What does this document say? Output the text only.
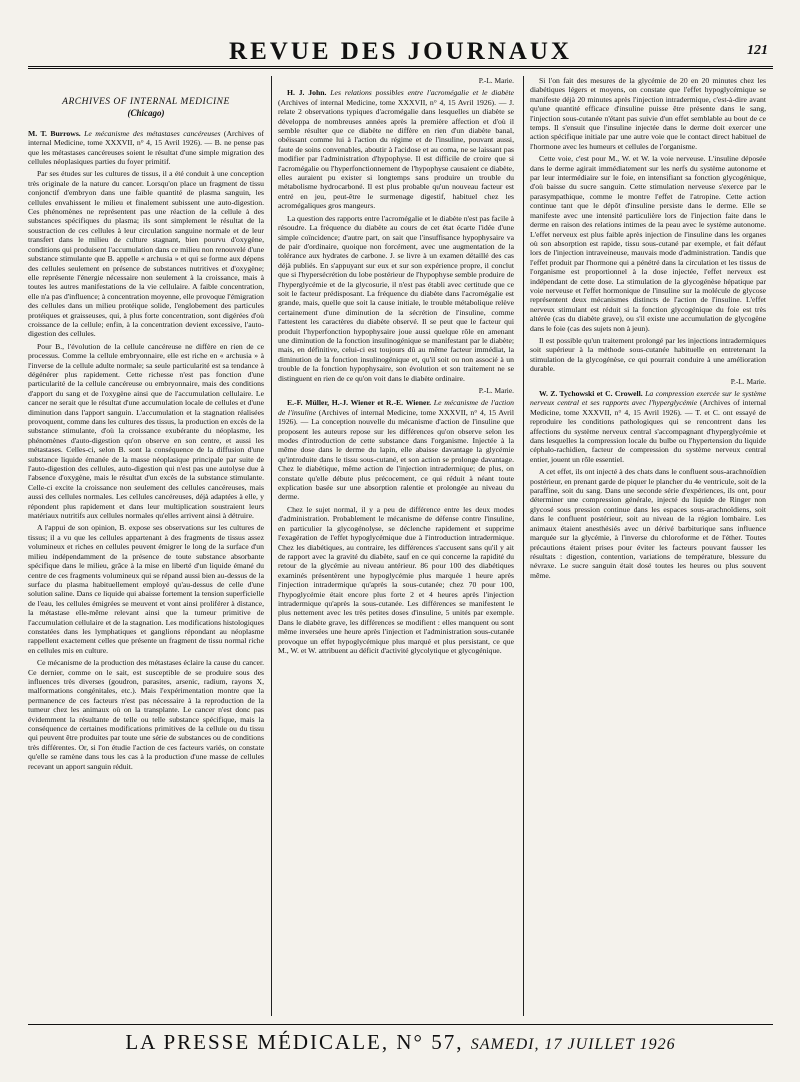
REVUE DES JOURNAUX	121
ARCHIVES OF INTERNAL MEDICINE
(Chicago)

M. T. Burrows. Le mécanisme des métastases cancéreuses (Archives of internal Medicine, tome XXXVII, n° 4, 15 Avril 1926). — B. ne pense pas que les métastases cancéreuses soient le résultat d'une simple migration des cellules néoplasiques parties du foyer primitif.

Par ses études sur les cultures de tissus, il a été conduit à une conception très originale de la nature du cancer. Lorsqu'on place un fragment de tissu conjonctif d'embryon dans une faible quantité de plasma sanguin, les cellules envahissent le milieu et finalement subissent une auto-digestion. Ces phénomènes ne représentent pas une réaction de la cellule à des substances spécifiques du plasma; ils sont simplement le résultat de la soustraction de ces cellules à leur circulation sanguine normale et de leur transfert dans le milieu de culture stagnant, bien pourvu d'oxygène, conditions qui produisent l'accumulation dans ce milieu non renouvelé d'une substance stimulante que B. appelle « archusia » et qui se forme aux dépens des cellules seulement en présence de substances nutritives et d'oxygène; elle représente l'énergie nécessaire non seulement à la croissance, mais à toutes les autres manifestations de la vie cellulaire. A faible concentration, elle n'a pas d'influence; à concentration moyenne, elle provoque l'émigration des cellules dans un milieu protéique solide, l'englobement des particules protéiques et graisseuses, qui, à plus forte concentration, sont digérées d'où croissance de la cellule; enfin, à la concentration devient excessive, l'auto-digestion des cellules.

Pour B., l'évolution de la cellule cancéreuse ne diffère en rien de ce processus. Comme la cellule embryonnaire, elle est riche en « archusia » à l'inverse de la cellule adulte normale; sa seule particularité est sa tendance à dégénérer plus rapidement. Cette richesse n'est pas fonction d'une particularité de la cellule cancéreuse ou embryonnaire, mais des conditions d'apport du sang et de l'oxygène ainsi que de l'accumulation cellulaire. Le cancer ne serait que le résultat d'une accumulation locale de cellules et d'une diminution dans l'apport sanguin. L'accumulation et la stagnation réalisées provoquent, comme dans les cultures des tissus, la production en excès de la substance stimulante, d'où la croissance exubérante du néoplasme, les phénomènes d'auto-digestion qu'on observe en son centre, et aussi les métastases. Celles-ci, selon B. sont la conséquence de la diffusion d'une substance liquide émanée de la masse néoplasique principale par suite de l'auto-digestion des cellules, auto-digestion qui n'est pas une autolyse due à l'absence d'oxygène, mais le résultat d'un excès de la substance stimulante. Celle-ci excite la croissance non seulement des cellules cancéreuses, mais aussi des cellules normales. Les cellules cancéreuses, déjà adaptées à elle, y répondent plus rapidement et dans leur multiplication soustraient leurs matériaux nutritifs aux cellules normales qu'elles arrivent ainsi à détruire.

A l'appui de son opinion, B. expose ses observations sur les cultures de tissus; il a vu que les cellules appartenant à des fragments de tissus assez volumineux et riches en cellules peuvent émigrer le long de la surface d'un milieu indépendamment de la présence de toute substance absorbante spécifique dans le milieu, grâce à la mise en liberté d'un liquide émané du centre de ces fragments volumineux qui se répand aussi bien au-dessus de la surface du plasma habituellement employé qu'au-dessus de celle d'une solution saline. Dans ce liquide qui abaisse fortement la tension superficielle de l'eau, les cellules émigrées se meuvent et vont ainsi proliférer à distance, la métastase elle-même relevant ainsi que la tumeur primitive de l'accumulation cellulaire et de la stagnation. Les modifications histologiques constatées dans les lymphatiques et ganglions répondant au néoplasme rappellent exactement celles que présente un fragment de tissu normal riche en cellules mis en culture.

Ce mécanisme de la production des métastases éclaire la cause du cancer. Ce dernier, comme on le sait, est susceptible de se produire sous des influences très diverses (goudron, parasites, arsenic, radium, rayons X, malformations congénitales, etc.). Mais l'expérimentation montre que la permanence de ces facteurs n'est pas nécessaire à la reproduction de la tumeur chez les animaux où on la transplante. Le cancer n'est donc pas évidemment la résultante de telle ou telle substance spécifique, mais la conséquence de certaines modifications primitives de la cellule ou du tissu qui peuvent être produites par toute une série de substances ou de conditions très différentes. Or, si l'on étudie l'action de ces facteurs variés, on constate qu'elle se ramène dans tous les cas à la production d'une masse de cellules recevant un apport sanguin réduit.

P.-L. Marie.

H. J. John. Les relations possibles entre l'acromégalie et le diabète (Archives of internal Medicine, tome XXXVII, n° 4, 15 Avril 1926). — J. relate 2 observations typiques d'acromégalie dans lesquelles un diabète se développa de nombreuses années après la première affection et d'où il semble résulter que ce diabète ne diffère en rien d'un diabète banal, obéissant comme lui à l'action du régime et de l'insuline, pouvant aussi, faute de soins convenables, aboutir à l'acidose et au coma, ne se laissant pas modifier par l'administration d'hypophyse. Il est difficile de croire que si l'acromégalie ou l'hyperfonctionnement de l'hypophyse causaient ce diabète, elles auraient pu exister si longtemps sans produire un trouble du métabolisme hydrocarboné. Il est plus probable qu'un nouveau facteur est entré en jeu, peut-être le surmenage digestif, habituel chez les acromégaliques gros mangeurs.

La question des rapports entre l'acromégalie et le diabète n'est pas facile à résoudre. La fréquence du diabète au cours de cet état écarte l'idée d'une simple coïncidence; d'autre part, on sait que l'insuffisance hypophysaire va de pair d'ordinaire, quoique non forcément, avec une augmentation de la tolérance aux hydrates de carbone. J. se livre à un examen détaillé des cas déjà publiés. En s'appuyant sur eux et sur son expérience propre, il conclut que si l'hypersécrétion du lobe postérieur de l'hypophyse semble produire de l'hyperglycémie et de la glycosurie, il n'est pas établi avec certitude que ce soit le facteur prédisposant. La fréquence du diabète dans l'acromégalie est grande, mais, quelle que soit la cause initiale, le trouble métabolique relève certainement d'une diminution de la sécrétion de l'insuline, comme l'attestent les caractères du diabète observé. Il se peut que le facteur qui produit l'hyperfonction hypophysaire joue aussi quelque rôle en amenant une diminution de la fonction insulinogénique se manifestant par le diabète; mais, en définitive, celui-ci est toujours dû au même facteur immédiat, la diminution de la fonction insulinogénique et, qu'il soit ou non associé à un trouble de la fonction hypophysaire, son évolution et son traitement ne se distinguent en rien de ce qu'on voit dans le diabète ordinaire.

P.-L. Marie.

E.-F. Müller, H.-J. Wiener et R.-E. Wiener. Le mécanisme de l'action de l'insuline (Archives of internal Medicine, tome XXXVII, n° 4, 15 Avril 1926). — La conception nouvelle du mécanisme d'action de l'insuline que proposent les auteurs repose sur les différences qu'on observe selon les modes d'introduction de cette substance dans l'organisme. Injectée à la même dose dans le derme du lapin, elle abaisse davantage la glycémie qu'introduite dans le tissu sous-cutané, et son action se prolonge davantage. Chez le diabétique, même action de l'injection intradermique; de plus, on constate qu'elle débute plus précocement, ce qui réduit à néant toute explication basée sur une absorption ralentie et prolongée au niveau du derme.

Chez le sujet normal, il y a peu de différence entre les deux modes d'administration. Probablement le mécanisme de défense contre l'insuline, en particulier la glycogénolyse, se déclenche rapidement et supprime l'exagération de l'effet hypoglycémique due à l'introduction intradermique. Chez les diabétiques, au contraire, les différences s'accusent sans qu'il y ait de rapport avec la gravité du diabète, sauf en ce qui concerne la rapidité du retour de la glycémie au niveau antérieur. 86 pour 100 des diabétiques examinés présentèrent une hypoglycémie plus marquée 1 heure après l'injection intradermique qu'après la sous-cutanée; chez 70 pour 100, l'hypoglycémie était encore plus forte 2 et 4 heures après l'injection intradermique qu'après la sous-cutanée. Les différences se manifestent le plus nettement avec les très petites doses d'insuline, 5 unités par exemple. Dans le diabète grave, les différences se modifient : elles manquent ou sont même inversées une heure après l'injection et l'administration sous-cutanée provoque un effet hypoglycémique plus marqué et plus persistant, ce que M., W. et W. attribuent au déficit d'activité glycolytique et glycogénique.

Si l'on fait des mesures de la glycémie de 20 en 20 minutes chez les diabétiques légers et moyens, on constate que l'effet hypoglycémique se manifeste déjà 20 minutes après l'injection intradermique, c'est-à-dire avant qu'une quantité efficace d'insuline puisse être présente dans le sang, l'injection sous-cutanée n'étant pas suivie d'un effet semblable au bout de ce temps. Il s'ensuit que l'insuline injectée dans le derme doit exercer une action spécifique initiale par une autre voie que le contact direct habituel de l'hormone avec les humeurs et cellules de l'organisme.

Cette voie, c'est pour M., W. et W. la voie nerveuse. L'insuline déposée dans le derme agirait immédiatement sur les nerfs du système autonome et par leur intermédiaire sur le foie, en intensifiant sa fonction glycogénique, d'où baisse du sucre sanguin. Cette stimulation nerveuse s'exerce par le parasympathique, comme le montre l'effet de l'atropine. Cette action continue tant que le dépôt d'insuline persiste dans le derme. Elle se manifeste avec une intensité particulière lors de l'injection faite dans le derme en raison des relations intimes de la peau avec le système autonome. L'effet nerveux est plus faible après injection de l'insuline dans les organes où son absorption est rapide, tissu sous-cutané par exemple, et fait défaut lors de l'injection intraveineuse, mauvais mode d'administration. Tandis que l'effet produit par l'hormone qui a pénétré dans la circulation et les tissus de l'organisme est proportionnel à la dose injectée, l'effet nerveux est indépendant de cette dose. La stimulation de la glycogénèse hépatique par voie nerveuse et l'effet hormonique de l'insuline sur la molécule de glycose représentent deux mécanismes distincts de l'action de l'insuline. L'effet nerveux stimulant est réduit si la fonction glycogénique du foie est très altérée (cas du diabète grave), ou s'il existe une accumulation de glycogène dans le foie (cas des sujets non à jeun).

Il est possible qu'un traitement prolongé par les injections intradermiques soit supérieur à la méthode sous-cutanée habituelle en entretenant la stimulation de la glycogénèse, ce qui pourrait conduire à une amélioration durable.

P.-L. Marie.

W. Z. Tychowski et C. Crowell. La compression exercée sur le système nerveux central et ses rapports avec l'hyperglycémie (Archives of internal Medicine, tome XXXVII, n° 4, 15 Avril 1926). — T. et C. ont essayé de reproduire les conditions pathologiques qui se rencontrent dans les affections du système nerveux central s'accompagnant d'hyperglycémie et dans lesquelles la compression locale du bulbe ou l'hypertension du liquide céphalo-rachidien, facteur de compression du système nerveux central entier, jouent un rôle essentiel.

A cet effet, ils ont injecté à des chats dans le confluent sous-arachnoïdien postérieur, en prenant garde de piquer le plancher du 4e ventricule, soit de la paraffine, soit du sang. Dans une seconde série d'expériences, ils ont, pour déterminer une compression générale, injecté du liquide de Ringer non glycosé sous pression continue dans les espaces sous-arachnoïdiens, soit dans le confluent postérieur, soit au niveau de la région lombaire. Les animaux étaient anesthésiés avec un dérivé barbiturique sans influence marquée sur la glycémie, à l'inverse du chloroforme et de l'éther. Toutes précautions étaient prises pour éviter les facteurs pouvant fausser les résultats : digestion, contention, variations de température, blessure du névraxe. Le sucre sanguin était dosé toutes les heures ou plus souvent même.

LA PRESSE MÉDICALE, N° 57, SAMEDI, 17 JUILLET 1926
